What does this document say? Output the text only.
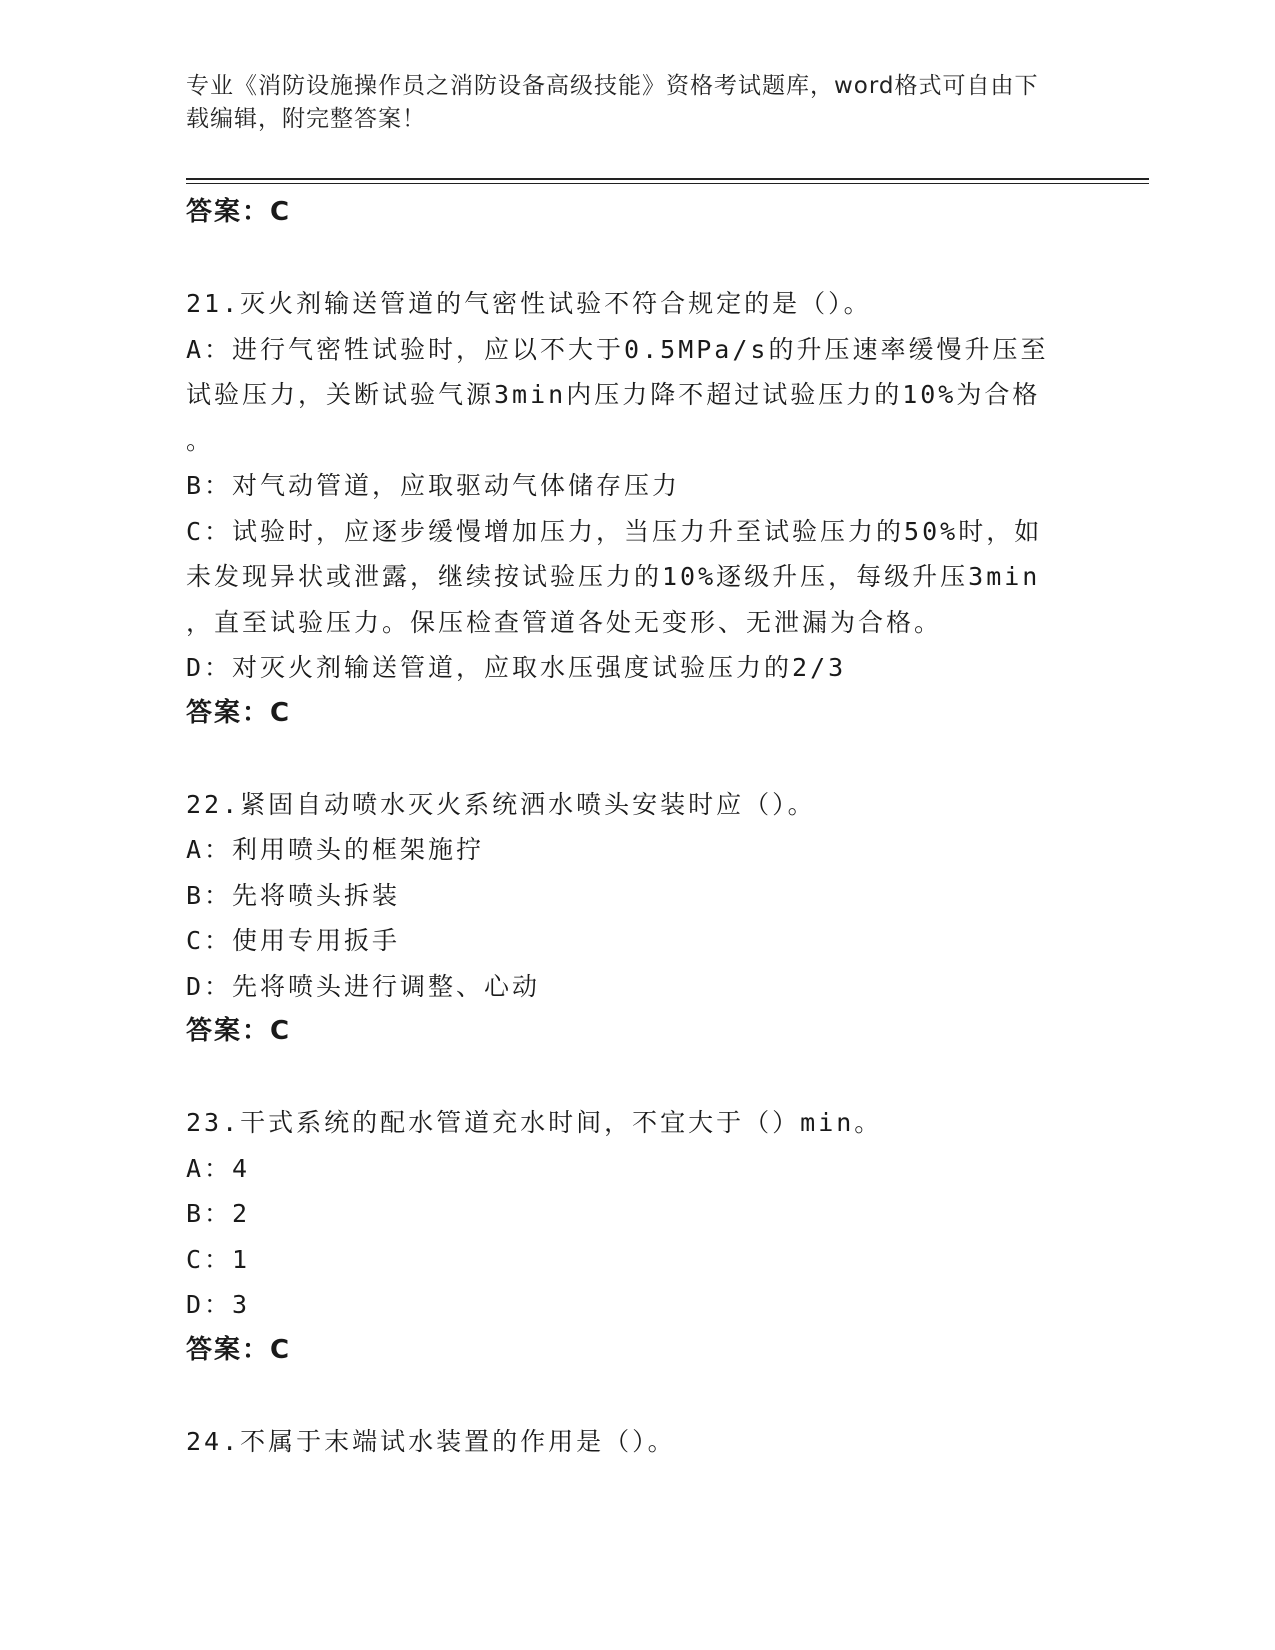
专业《消防设施操作员之消防设备高级技能》资格考试题库，word格式可自由下
载编辑，附完整答案！
答案：C
21.灭火剂输送管道的气密性试验不符合规定的是（）。
A：进行气密牲试验时，应以不大于0.5MPa/s的升压速率缓慢升压至
试验压力，关断试验气源3min内压力降不超过试验压力的10%为合格
。
B：对气动管道，应取驱动气体储存压力
C：试验时，应逐步缓慢增加压力，当压力升至试验压力的50%时，如
未发现异状或泄露，继续按试验压力的10%逐级升压，每级升压3min
，直至试验压力。保压检查管道各处无变形、无泄漏为合格。
D：对灭火剂输送管道，应取水压强度试验压力的2/3
答案：C
22.紧固自动喷水灭火系统洒水喷头安装时应（）。
A：利用喷头的框架施拧
B：先将喷头拆装
C：使用专用扳手
D：先将喷头进行调整、心动
答案：C
23.干式系统的配水管道充水时间，不宜大于（）min。
A：4
B：2
C：1
D：3
答案：C
24.不属于末端试水装置的作用是（）。
